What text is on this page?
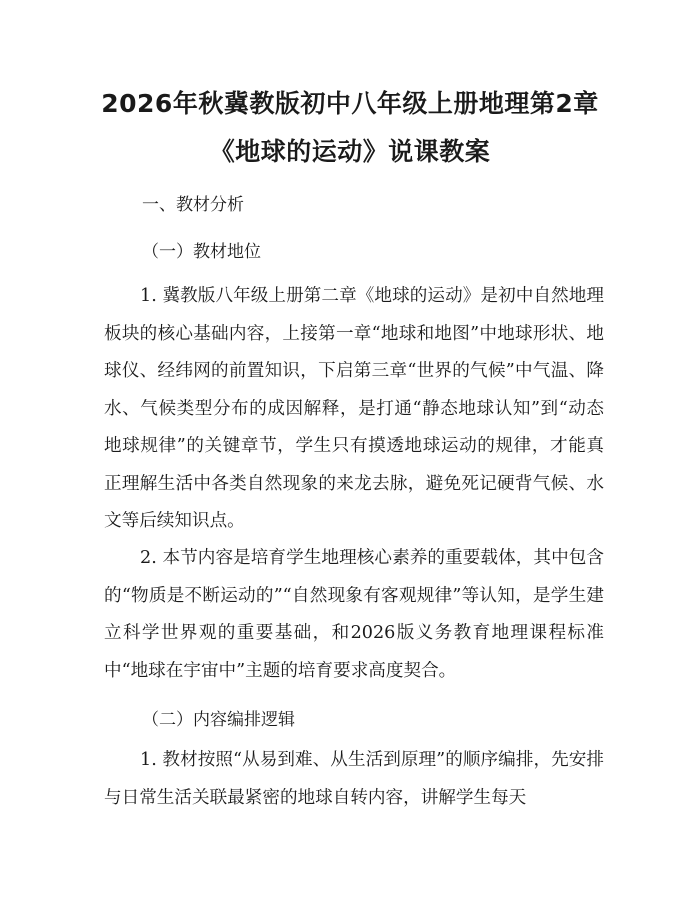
2026年秋冀教版初中八年级上册地理第2章
《地球的运动》说课教案
一、教材分析
（一）教材地位

1. 冀教版八年级上册第二章《地球的运动》是初中自然地理板块的核心基础内容，上接第一章“地球和地图”中地球形状、地球仪、经纬网的前置知识，下启第三章“世界的气候”中气温、降水、气候类型分布的成因解释，是打通“静态地球认知”到“动态地球规律”的关键章节，学生只有摸透地球运动的规律，才能真正理解生活中各类自然现象的来龙去脉，避免死记硬背气候、水文等后续知识点。

2. 本节内容是培育学生地理核心素养的重要载体，其中包含的“物质是不断运动的”“自然现象有客观规律”等认知，是学生建立科学世界观的重要基础，和2026版义务教育地理课程标准中“地球在宇宙中”主题的培育要求高度契合。

（二）内容编排逻辑

1. 教材按照“从易到难、从生活到原理”的顺序编排，先安排与日常生活关联最紧密的地球自转内容，讲解学生每天
